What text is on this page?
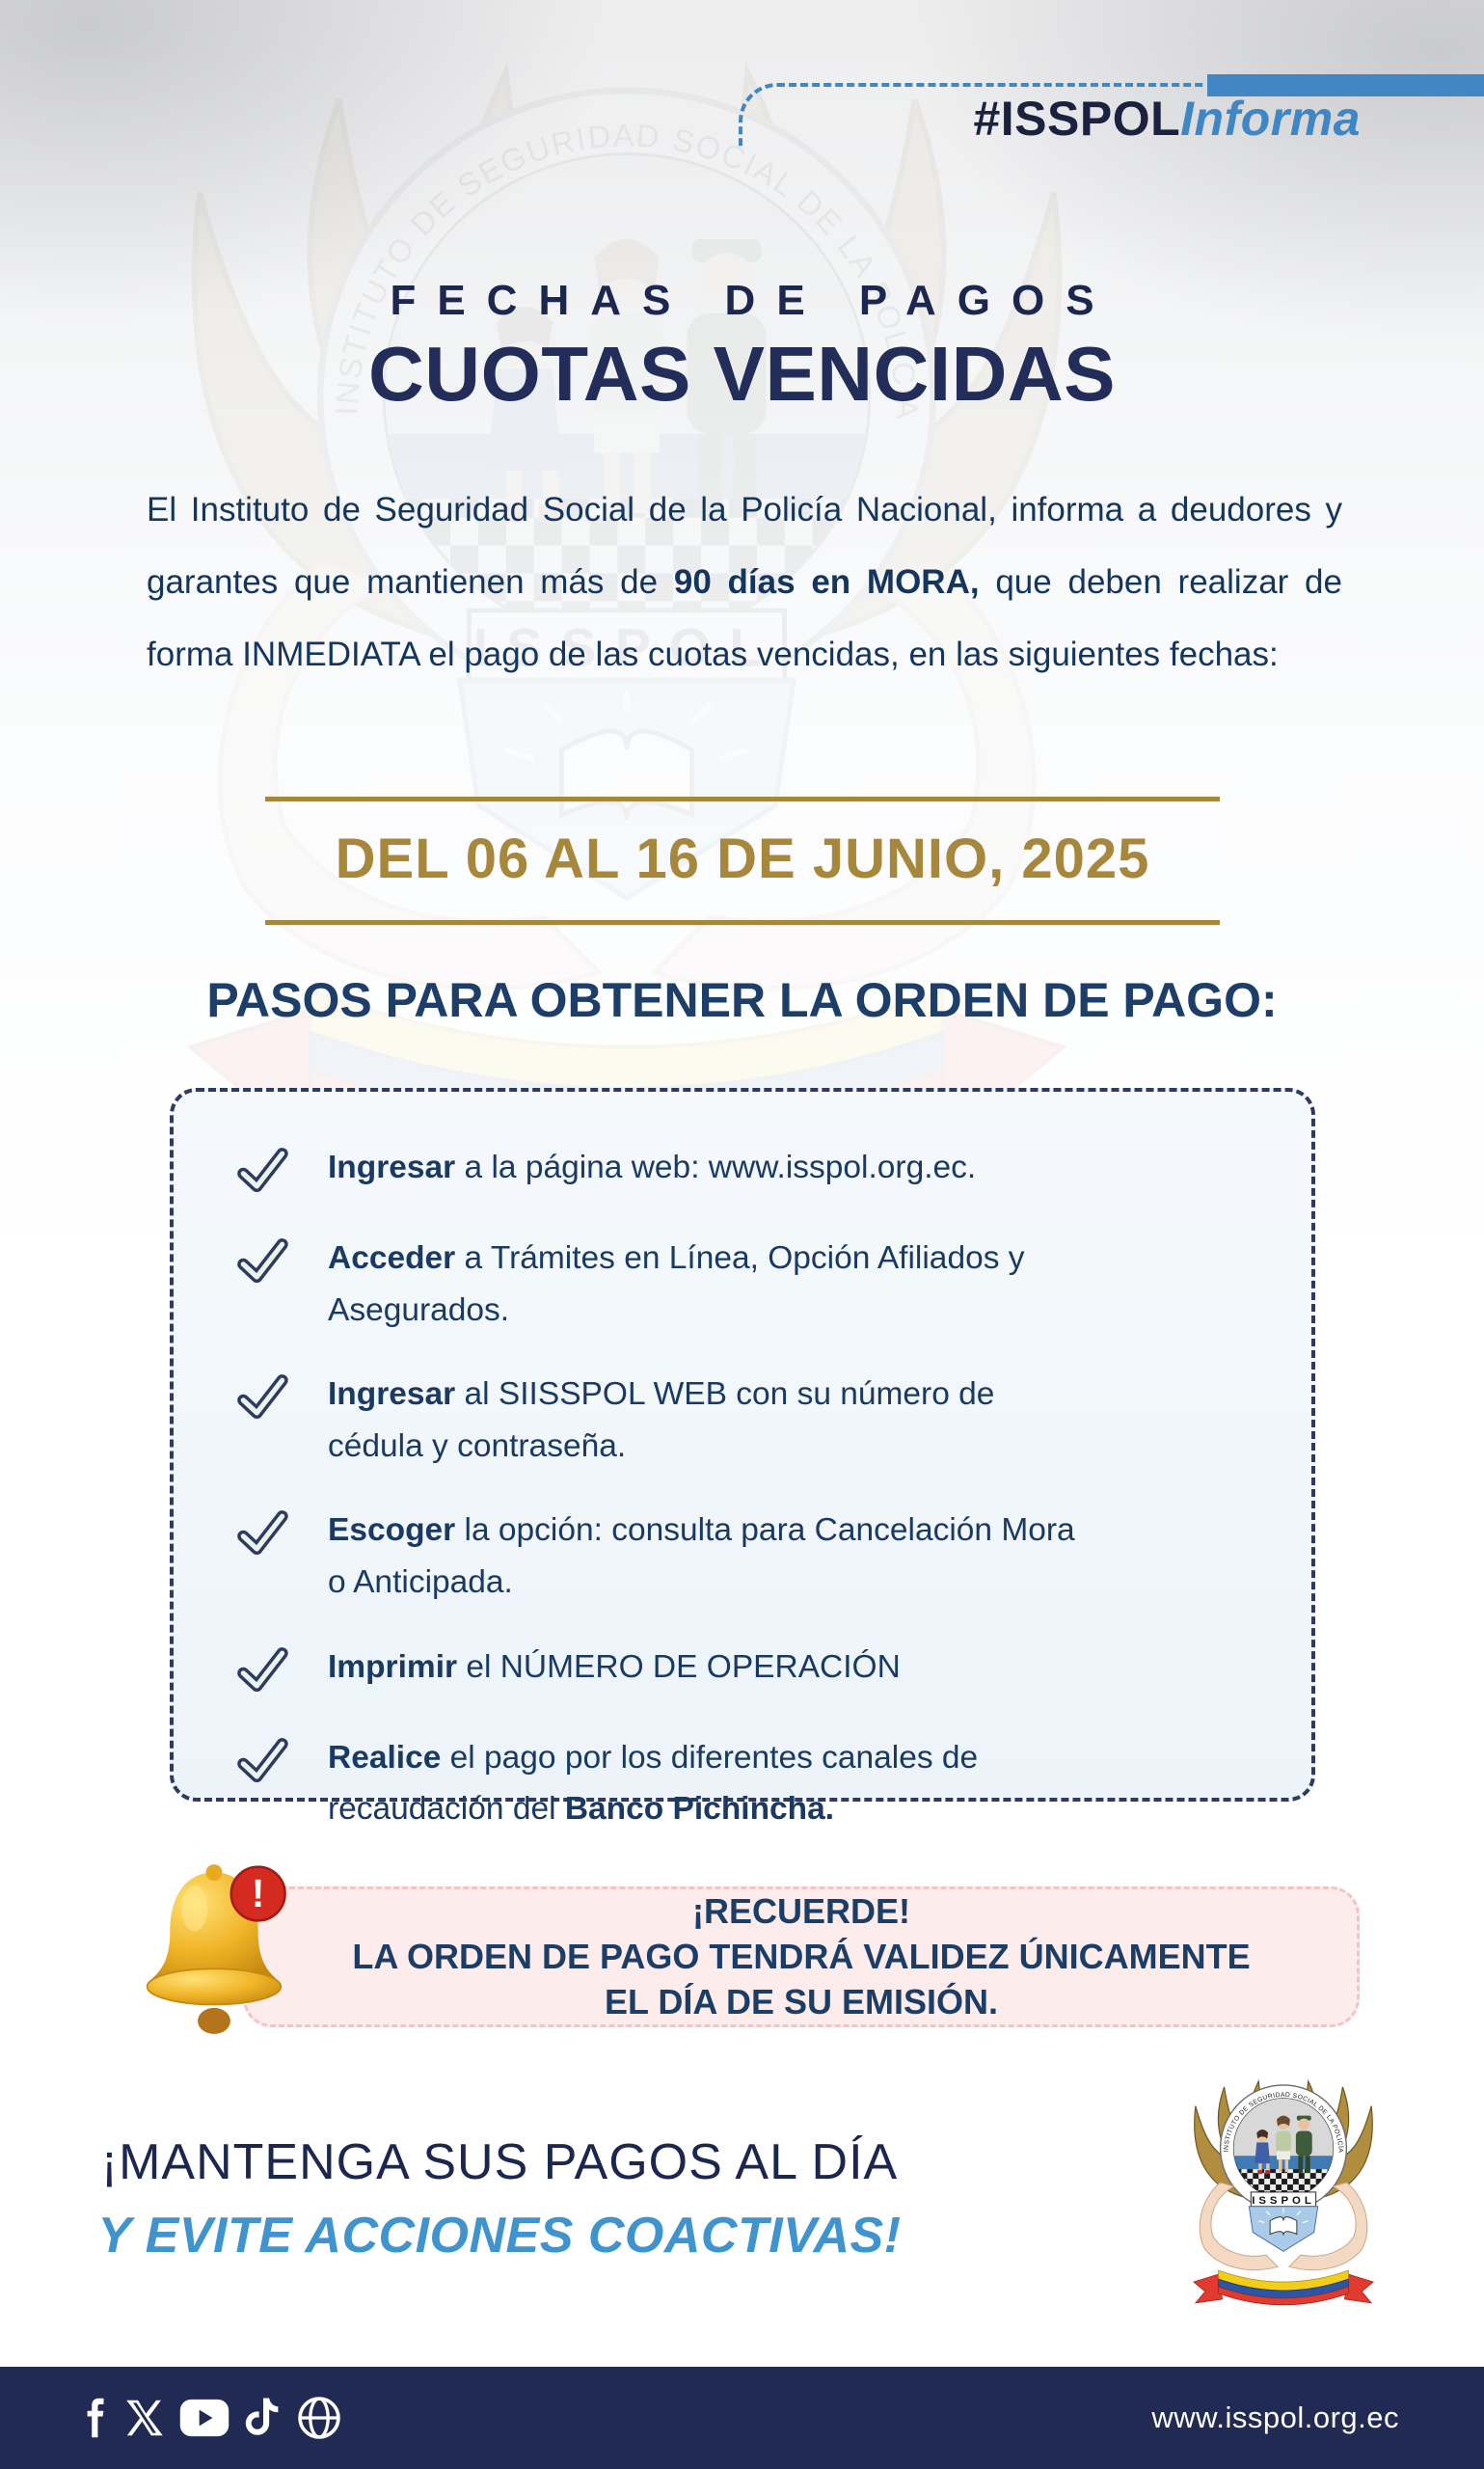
#ISSPOLInforma
FECHAS DE PAGOS
CUOTAS VENCIDAS

El Instituto de Seguridad Social de la Policía Nacional, informa a deudores y garantes que mantienen más de 90 días en MORA, que deben realizar de forma INMEDIATA el pago de las cuotas vencidas, en las siguientes fechas:

DEL 06 AL 16 DE JUNIO, 2025
PASOS PARA OBTENER LA ORDEN DE PAGO:
Ingresar a la página web: www.isspol.org.ec.
Acceder a Trámites en Línea, Opción Afiliados y Asegurados.
Ingresar al SIISSPOL WEB con su número de cédula y contraseña.
Escoger la opción: consulta para Cancelación Mora o Anticipada.
Imprimir el NÚMERO DE OPERACIÓN
Realice el pago por los diferentes canales de recaudación del Banco Pichincha.
¡RECUERDE!
LA ORDEN DE PAGO TENDRÁ VALIDEZ ÚNICAMENTE
EL DÍA DE SU EMISIÓN.
!
¡MANTENGA SUS PAGOS AL DÍA
Y EVITE ACCIONES COACTIVAS!
www.isspol.org.ec
